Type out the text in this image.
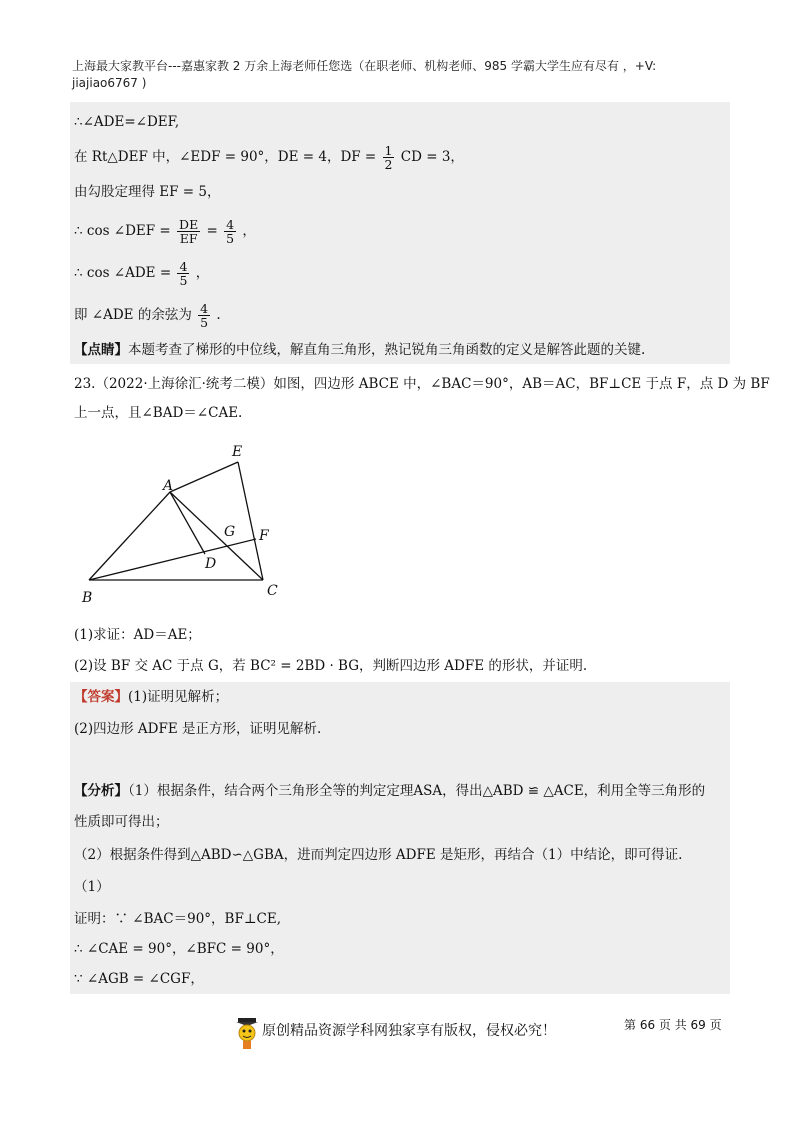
上海最大家教平台---嘉惠家教 2 万余上海老师任您选（在职老师、机构老师、985 学霸大学生应有尽有 ，+V:
jiajiao6767 )
∴∠ADE=∠DEF,
在 Rt△DEF 中，∠EDF = 90°，DE = 4，DF = $\frac{1}{2}$ CD = 3，
由勾股定理得 EF = 5，
∴ cos ∠DEF = $\frac{DE}{EF} = \frac{4}{5}$ ，
∴ cos ∠ADE = $\frac{4}{5}$ ，
即 ∠ADE 的余弦为 $\frac{4}{5}$ .
【点睛】本题考查了梯形的中位线，解直角三角形，熟记锐角三角函数的定义是解答此题的关键.
23.（2022·上海徐汇·统考二模）如图，四边形 ABCE 中，∠BAC＝90°，AB＝AC，BF⊥CE 于点 F，点 D 为 BF
上一点，且∠BAD＝∠CAE.
A
B	C
D
E
F
G
(1)求证：AD＝AE；
(2)设 BF 交 AC 于点 G，若 BC² = 2BD · BG，判断四边形 ADFE 的形状，并证明.
【答案】(1)证明见解析；
(2)四边形 ADFE 是正方形，证明见解析.
【分析】（1）根据条件，结合两个三角形全等的判定定理ASA，得出△ABD ≌ △ACE，利用全等三角形的
性质即可得出；
（2）根据条件得到△ABD∽△GBA，进而判定四边形 ADFE 是矩形，再结合（1）中结论，即可得证.
（1）
证明：∵ ∠BAC＝90°，BF⊥CE,
∴ ∠CAE = 90°，∠BFC = 90°，
∵ ∠AGB = ∠CGF，
原创精品资源学科网独家享有版权，侵权必究！	第 66 页 共 69 页
